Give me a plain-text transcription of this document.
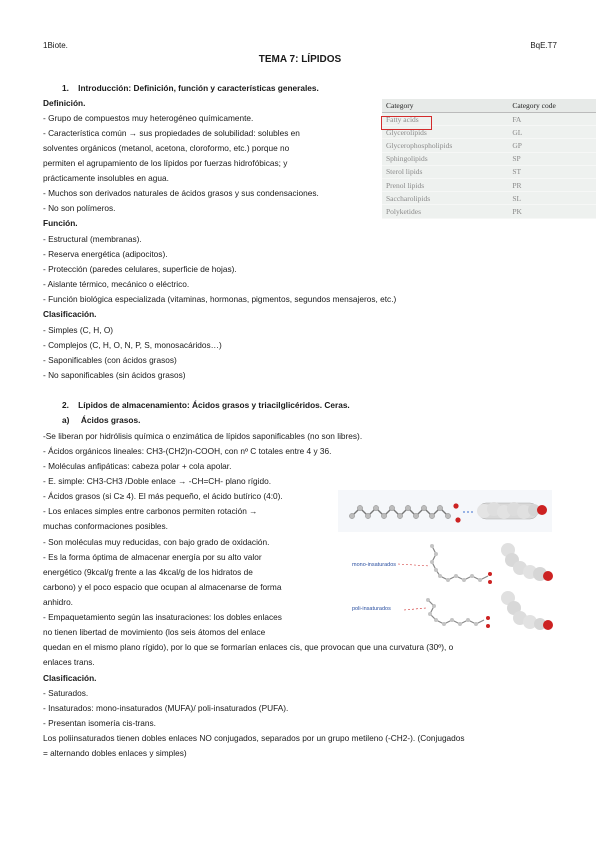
1Biote.	BqE.T7
TEMA 7: LÍPIDOS
1. Introducción: Definición, función y características generales.
Definición.
- Grupo de compuestos muy heterogéneo químicamente.
- Característica común → sus propiedades de solubilidad: solubles en
solventes orgánicos (metanol, acetona, cloroformo, etc.) porque no
permiten el agrupamiento de los lípidos por fuerzas hidrofóbicas; y
prácticamente insolubles en agua.
- Muchos son derivados naturales de ácidos grasos y sus condensaciones.
- No son polímeros.
Función.
- Estructural (membranas).
- Reserva energética (adipocitos).
- Protección (paredes celulares, superficie de hojas).
- Aislante térmico, mecánico o eléctrico.
- Función biológica especializada (vitaminas, hormonas, pigmentos, segundos mensajeros, etc.)
Clasificación.
- Simples (C, H, O)
- Complejos (C, H, O, N, P, S, monosacáridos…)
- Saponificables (con ácidos grasos)
- No saponificables (sin ácidos grasos)
2. Lípidos de almacenamiento: Ácidos grasos y triacilglicéridos. Ceras.
a) Ácidos grasos.
-Se liberan por hidrólisis química o enzimática de lípidos saponificables (no son libres).
- Ácidos orgánicos lineales: CH3-(CH2)n-COOH, con nº C totales entre 4 y 36.
- Moléculas anfipáticas: cabeza polar + cola apolar.
- E. simple: CH3-CH3 /Doble enlace → -CH=CH- plano rígido.
- Ácidos grasos (si C≥ 4). El más pequeño, el ácido butírico (4:0).
- Los enlaces simples entre carbonos permiten rotación →
muchas conformaciones posibles.
- Son moléculas muy reducidas, con bajo grado de oxidación.
- Es la forma óptima de almacenar energía por su alto valor
energético (9kcal/g frente a las 4kcal/g de los hidratos de
carbono) y el poco espacio que ocupan al almacenarse de forma
anhidro.
- Empaquetamiento según las insaturaciones: los dobles enlaces
no tienen libertad de movimiento (los seis átomos del enlace
quedan en el mismo plano rígido), por lo que se formarían enlaces cis, que provocan que una curvatura (30º), o
enlaces trans.
Clasificación.
- Saturados.
- Insaturados: mono-insaturados (MUFA)/ poli-insaturados (PUFA).
- Presentan isomería cis-trans.
Los poliinsaturados tienen dobles enlaces NO conjugados, separados por un grupo metileno (-CH2-). (Conjugados
= alternando dobles enlaces y simples)
Category	Category code
Fatty acids	FA
Glycerolipids	GL
Glycerophospholipids	GP
Sphingolipids	SP
Sterol lipids	ST
Prenol lipids	PR
Saccharolipids	SL
Polyketides	PK
mono-insaturados
poli-insaturados
